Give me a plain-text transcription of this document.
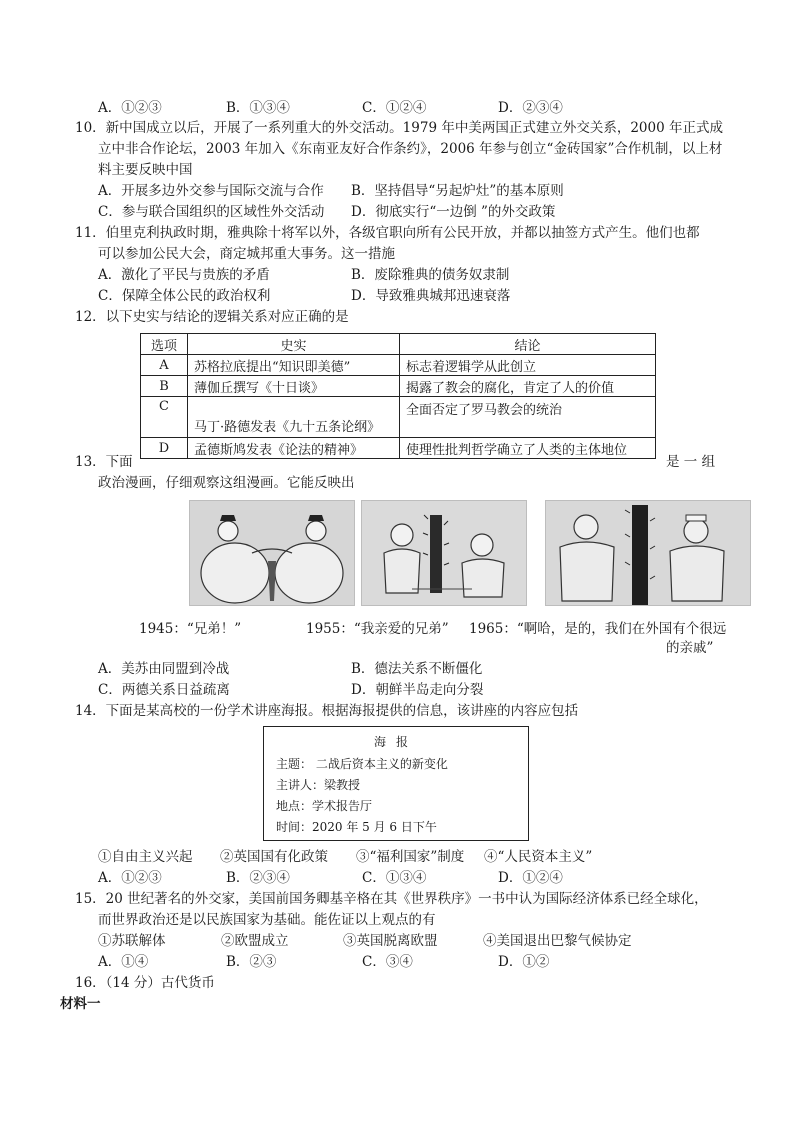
A．①②③	B．①③④	C．①②④	D．②③④
10．新中国成立以后，开展了一系列重大的外交活动。1979 年中美两国正式建立外交关系，2000 年正式成
立中非合作论坛，2003 年加入《东南亚友好合作条约》，2006 年参与创立“金砖国家”合作机制，以上材
料主要反映中国
A．开展多边外交参与国际交流与合作	B．坚持倡导“另起炉灶”的基本原则
C．参与联合国组织的区域性外交活动	D．彻底实行“一边倒 ”的外交政策
11．伯里克利执政时期，雅典除十将军以外，各级官职向所有公民开放，并都以抽签方式产生。他们也都
可以参加公民大会，商定城邦重大事务。这一措施
A．激化了平民与贵族的矛盾	B．废除雅典的债务奴隶制
C．保障全体公民的政治权利	D．导致雅典城邦迅速衰落
12．以下史实与结论的逻辑关系对应正确的是
选项	史实	结论
A	苏格拉底提出“知识即美德”	标志着逻辑学从此创立
B	薄伽丘撰写《十日谈》	揭露了教会的腐化，肯定了人的价值
C	马丁·路德发表《九十五条论纲》	全面否定了罗马教会的统治
D	孟德斯鸠发表《论法的精神》	使理性批判哲学确立了人类的主体地位
13．下面	是 一 组
政治漫画，仔细观察这组漫画。它能反映出
1945：“兄弟！”	1955：“我亲爱的兄弟” 1965：“啊哈，是的，我们在外国有个很远
的亲戚”
A．美苏由同盟到冷战	B．德法关系不断僵化
C．两德关系日益疏离	D．朝鲜半岛走向分裂
14．下面是某高校的一份学术讲座海报。根据海报提供的信息，该讲座的内容应包括
海报
主题： 二战后资本主义的新变化
主讲人：梁教授
地点：学术报告厅
时间：2020 年 5 月 6 日下午
①自由主义兴起	②英国国有化政策	③“福利国家”制度	④“人民资本主义”
A．①②③	B．②③④	C．①③④	D．①②④
15．20 世纪著名的外交家，美国前国务卿基辛格在其《世界秩序》一书中认为国际经济体系已经全球化，
而世界政治还是以民族国家为基础。能佐证以上观点的有
①苏联解体	②欧盟成立	③英国脱离欧盟	④美国退出巴黎气候协定
A．①④	B．②③	C．③④	D．①②
16．（14 分）古代货币
材料一
